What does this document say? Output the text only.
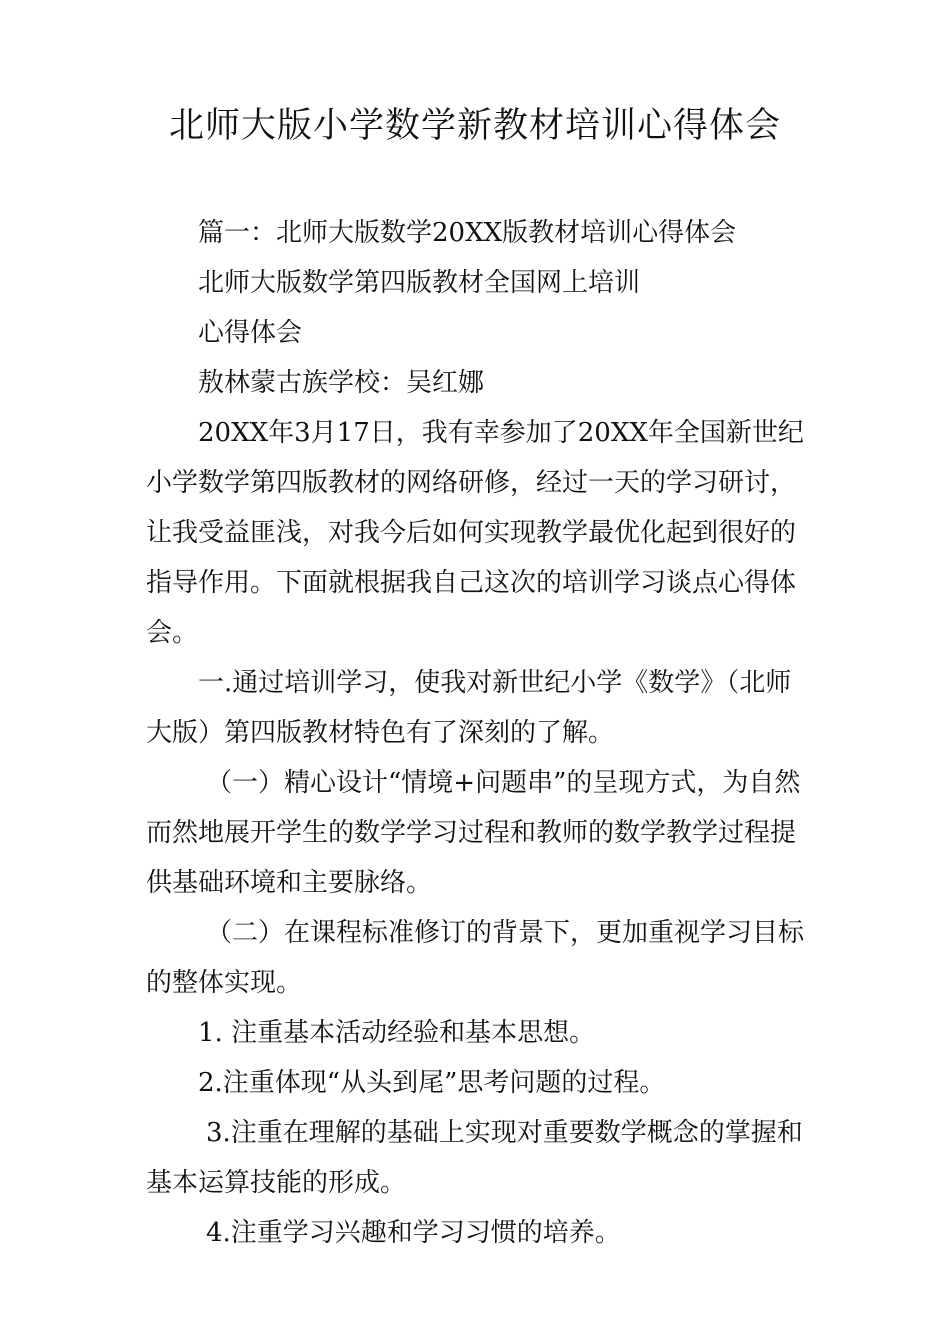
北师大版小学数学新教材培训心得体会

篇一：北师大版数学20XX版教材培训心得体会

北师大版数学第四版教材全国网上培训

心得体会

敖林蒙古族学校：吴红娜

20XX年3月17日，我有幸参加了20XX年全国新世纪小学数学第四版教材的网络研修，经过一天的学习研讨，让我受益匪浅，对我今后如何实现教学最优化起到很好的指导作用。下面就根据我自己这次的培训学习谈点心得体会。

一.通过培训学习，使我对新世纪小学《数学》（北师大版）第四版教材特色有了深刻的了解。

（一）精心设计“情境+问题串”的呈现方式，为自然而然地展开学生的数学学习过程和教师的数学教学过程提供基础环境和主要脉络。

（二）在课程标准修订的背景下，更加重视学习目标的整体实现。

1. 注重基本活动经验和基本思想。

2.注重体现“从头到尾”思考问题的过程。

3.注重在理解的基础上实现对重要数学概念的掌握和基本运算技能的形成。

4.注重学习兴趣和学习习惯的培养。
